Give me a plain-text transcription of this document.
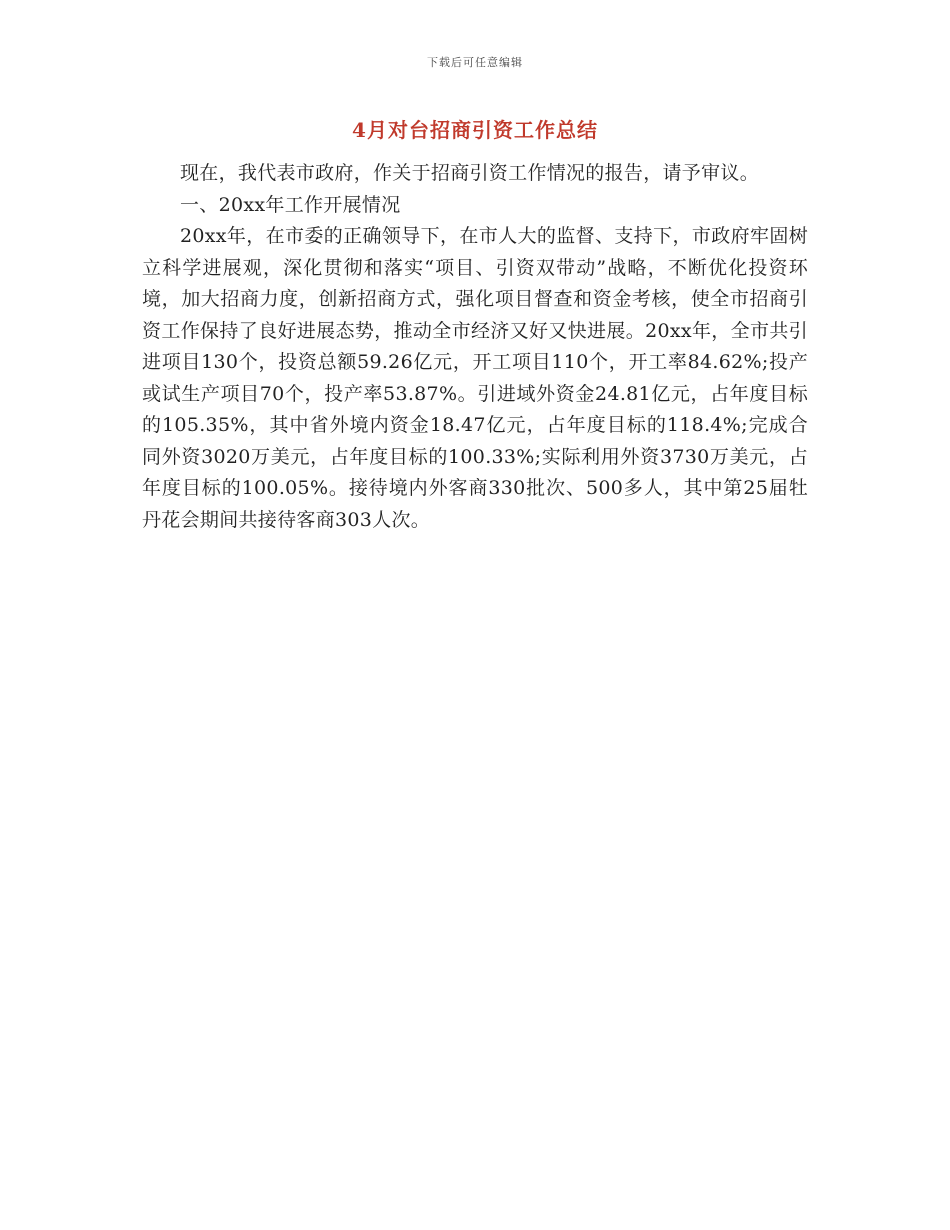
下载后可任意编辑
4月对台招商引资工作总结

现在，我代表市政府，作关于招商引资工作情况的报告，请予审议。

一、20xx年工作开展情况

20xx年，在市委的正确领导下，在市人大的监督、支持下，市政府牢固树立科学进展观，深化贯彻和落实“项目、引资双带动”战略，不断优化投资环境，加大招商力度，创新招商方式，强化项目督查和资金考核，使全市招商引资工作保持了良好进展态势，推动全市经济又好又快进展。20xx年，全市共引进项目130个，投资总额59.26亿元，开工项目110个，开工率84.62%;投产或试生产项目70个，投产率53.87%。引进域外资金24.81亿元，占年度目标的105.35%，其中省外境内资金18.47亿元，占年度目标的118.4%;完成合同外资3020万美元，占年度目标的100.33%;实际利用外资3730万美元，占年度目标的100.05%。接待境内外客商330批次、500多人，其中第25届牡丹花会期间共接待客商303人次。
